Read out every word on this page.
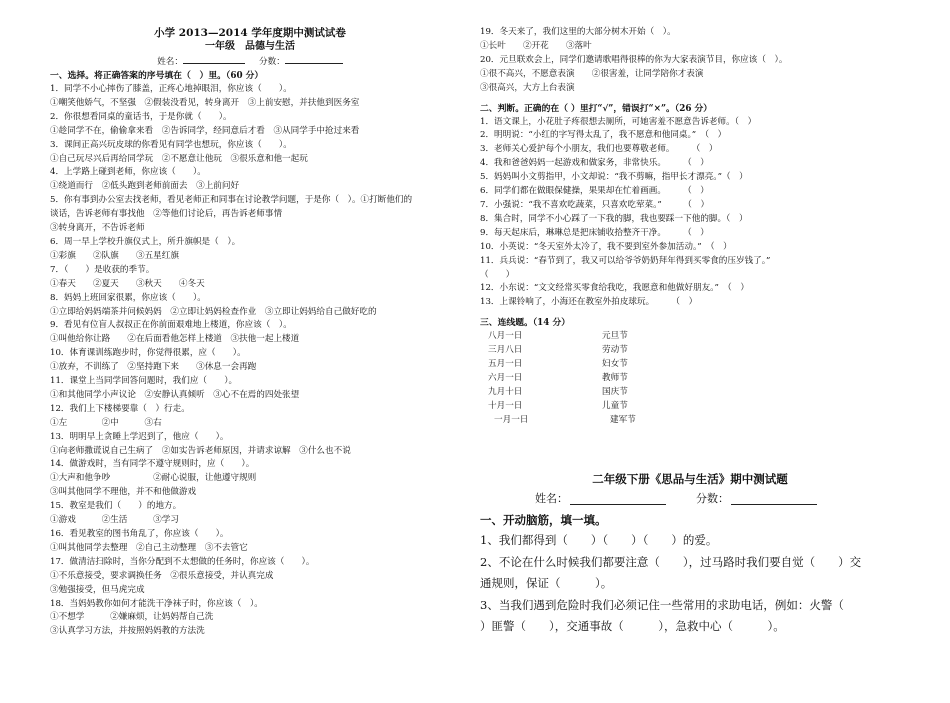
小学 2013—2014 学年度期中测试试卷
一年级　品德与生活
姓名：	分数：
一、选择。将正确答案的序号填在（　）里。（60 分）
1．同学不小心摔伤了膝盖，正疼心地掉眼泪，你应该（　　）。
①嘲笑他娇气，不坚强　②假装没看见，转身离开　③上前安慰，并扶他到医务室
2．你很想看同桌的童话书，于是你就（　　）。
①趁同学不在，偷偷拿来看　②告诉同学，经同意后才看　③从同学手中抢过来看
3．课间正高兴玩皮球的你看见有同学也想玩，你应该（　　）。
①自己玩尽兴后再给同学玩　②不愿意让他玩　③很乐意和他一起玩
4．上学路上碰到老师，你应该（　　）。
①绕道而行　②低头跑到老师前面去　③上前问好
5．你有事到办公室去找老师，看见老师正和同事在讨论教学问题，于是你（　）。①打断他们的
谈话，告诉老师有事找他　②等他们讨论后，再告诉老师事情
③转身离开，不告诉老师
6．周一早上学校升旗仪式上，所升旗帜是（　）。
①彩旗　　②队旗　　③五星红旗
7．（　　）是收获的季节。
①春天　　②夏天　　③秋天　　④冬天
8．妈妈上班回家很累，你应该（　　）。
①立即给妈妈端茶并问候妈妈　②立即让妈妈检查作业　③立即让妈妈给自己做好吃的
9．看见有位盲人叔叔正在你前面艰难地上楼道，你应该（　）。
①叫他给你让路　　②在后面看他怎样上楼道　③扶他一起上楼道
10．体育课训练跑步时，你觉得很累，应（　　）。
①放弃，不训练了　②坚持跑下来　　③休息一会再跑
11．课堂上当同学回答问题时，我们应（　　）。
①和其他同学小声议论　②安静认真倾听　③心不在焉的四处张望
12．我们上下楼梯要靠（　）行走。
①左　　　　②中　　　③右
13．明明早上贪睡上学迟到了，他应（　　）。
①向老师撒谎说自己生病了　②如实告诉老师原因，并请求谅解　③什么也不说
14．做游戏时，当有同学不遵守规则时，应（　　）。
①大声和他争吵　　　　　②耐心说服，让他遵守规则
③叫其他同学不理他，并不和他做游戏
15．教室是我们（　　）的地方。
①游戏　　　②生活　　　③学习
16．看见教室的图书角乱了，你应该（　　）。
①叫其他同学去整理　②自己主动整理　③不去管它
17．做清洁扫除时，当你分配到不太想做的任务时，你应该（　　）。
①不乐意接受，要求调换任务　②很乐意接受，并认真完成
③勉强接受，但马虎完成
18．当妈妈教你如何才能洗干净袜子时，你应该（　）。
①不想学　　　②嫌麻烦，让妈妈帮自己洗
③认真学习方法，并按照妈妈教的方法洗
19．冬天来了，我们这里的大部分树木开始（　）。
①长叶　　②开花　　③落叶
20．元旦联欢会上，同学们邀请歌唱得很棒的你为大家表演节目，你应该（　）。
①很不高兴，不愿意表演　　②很害羞，让同学陪你才表演
③很高兴，大方上台表演
二、判断。正确的在（ ）里打“√”，错误打“×”。（26 分）
1．语文课上，小花肚子疼很想去厕所，可她害羞不愿意告诉老师。（　）
2．明明说：“小红的字写得太乱了，我不愿意和他同桌。”　（　）
3．老师关心爱护每个小朋友，我们也要尊敬老师。　　　（　）
4．我和爸爸妈妈一起游戏和做家务，非常快乐。　　　（　）
5．妈妈叫小文剪指甲，小文却说：“我不剪嘛，指甲长才漂亮。”（　）
6．同学们都在做眼保健操，果果却在忙着画画。　　　（　）
7．小强说：“我不喜欢吃蔬菜，只喜欢吃荤菜。”　　　（　）
8．集合时，同学不小心踩了一下我的脚，我也要踩一下他的脚。（　）
9．每天起床后，琳琳总是把床铺收拾整齐干净。　　　（　）
10．小英说：“冬天室外太冷了，我不要到室外参加活动。”　（　）
11．兵兵说：“春节到了，我又可以给爷爷奶奶拜年得到买零食的压岁钱了。”
（　　）
12．小东说：“文文经常买零食给我吃，我愿意和他做好朋友。”　（　）
13．上课铃响了，小海还在教室外拍皮球玩。　　　（　）
三、连线题。（14 分）
八月一日	元旦节
三月八日	劳动节
五月一日	妇女节
六月一日	教师节
九月十日	国庆节
十月一日	儿童节
一月一日	建军节
二年级下册《思品与生活》期中测试题
姓名：	分数：
一、开动脑筋，填一填。
1、我们都得到（　　）（　　）（　　）的爱。
2、不论在什么时候我们都要注意（　　），过马路时我们要自觉（　　）交
通规则，保证（　　　）。
3、当我们遇到危险时我们必须记住一些常用的求助电话，例如：火警（
）匪警（　　），交通事故（　　　），急救中心（　　　）。
